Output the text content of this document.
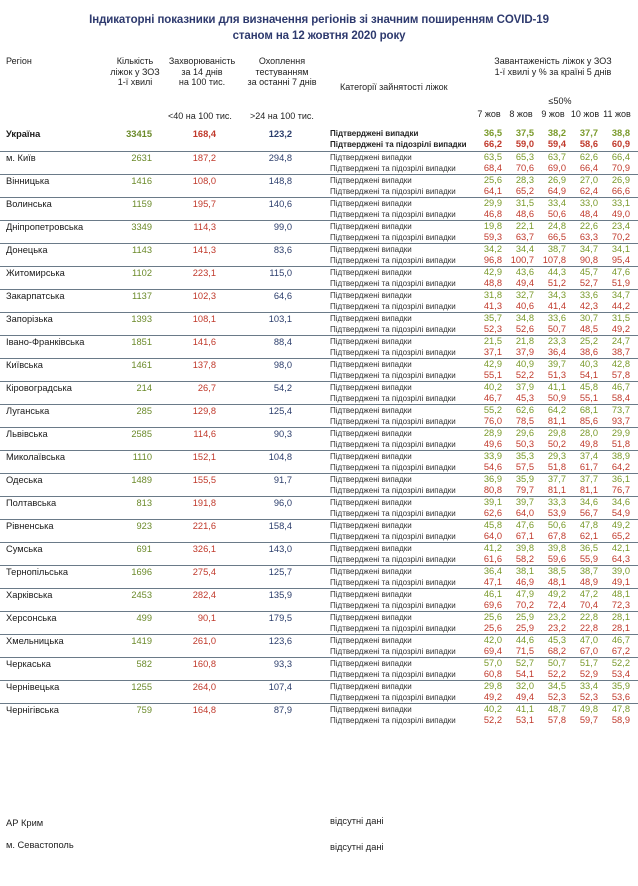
Індикаторні показники для визначення регіонів зі значним поширенням COVID-19
станом на 12 жовтня 2020 року
Регіон	Кількість
ліжок у ЗОЗ
1-ї хвилі
Захворюваність
за 14 днів
на 100 тис.
Охоплення
тестуванням
за останні 7 днів	Категорії зайнятості ліжок
Завантаженість ліжок у ЗОЗ
1-ї хвилі у % за країні 5 днів
≤50%
<40 на 100 тис. >24 на 100 тис.	7 жов 8 жов 9 жов 10 жов 11 жов
Україна	33415	168,4	123,2	Підтверджені випадки
Підтверджені та підозрілі випадки
36,5	37,5	38,2	37,7	38,8
66,2	59,0	59,4	58,6	60,9
м. Київ	2631	187,2	294,8	Підтверджені випадки
Підтверджені та підозрілі випадки
63,5	65,3	63,7	62,6	66,4
68,4	70,6	69,0	66,4	70,9
Вінницька	1416	108,0	148,8	Підтверджені випадки
Підтверджені та підозрілі випадки
25,6	28,3	26,9	27,0	26,9
64,1	65,2	64,9	62,4	66,6
Волинська	1159	195,7	140,6	Підтверджені випадки
Підтверджені та підозрілі випадки
29,9	31,5	33,4	33,0	33,1
46,8	48,6	50,6	48,4	49,0
Дніпропетровська	3349	114,3	99,0	Підтверджені випадки
Підтверджені та підозрілі випадки
19,8	22,1	24,8	22,6	23,4
59,3	63,7	66,5	63,3	70,2
Донецька	1143	141,3	83,6	Підтверджені випадки
Підтверджені та підозрілі випадки
34,2	34,4	38,7	34,7	34,1
96,8 100,7 107,8	90,8	95,4
Житомирська	1102	223,1	115,0	Підтверджені випадки
Підтверджені та підозрілі випадки
42,9	43,6	44,3	45,7	47,6
48,8	49,4	51,2	52,7	51,9
Закарпатська	1137	102,3	64,6	Підтверджені випадки
Підтверджені та підозрілі випадки
31,8	32,7	34,3	33,6	34,7
41,3	40,6	41,4	42,3	44,2
Запорізька	1393	108,1	103,1	Підтверджені випадки
Підтверджені та підозрілі випадки
35,7	34,8	33,6	30,7	31,5
52,3	52,6	50,7	48,5	49,2
Івано-Франківська	1851	141,6	88,4	Підтверджені випадки
Підтверджені та підозрілі випадки
21,5	21,8	23,3	25,2	24,7
37,1	37,9	36,4	38,6	38,7
Київська	1461	137,8	98,0	Підтверджені випадки
Підтверджені та підозрілі випадки
42,9	40,9	39,7	40,3	42,8
55,1	52,2	51,3	54,1	57,8
Кіровоградська	214	26,7	54,2	Підтверджені випадки
Підтверджені та підозрілі випадки
40,2	37,9	41,1	45,8	46,7
46,7	45,3	50,9	55,1	58,4
Луганська	285	129,8	125,4	Підтверджені випадки
Підтверджені та підозрілі випадки
55,2	62,6	64,2	68,1	73,7
76,0	78,5	81,1	85,6	93,7
Львівська	2585	114,6	90,3	Підтверджені випадки
Підтверджені та підозрілі випадки
28,9	29,6	29,8	28,0	29,9
49,6	50,3	50,2	49,8	51,8
Миколаївська	1110	152,1	104,8	Підтверджені випадки
Підтверджені та підозрілі випадки
33,9	35,3	29,3	37,4	38,9
54,6	57,5	51,8	61,7	64,2
Одеська	1489	155,5	91,7	Підтверджені випадки
Підтверджені та підозрілі випадки
36,9	35,9	37,7	37,7	36,1
80,8	79,7	81,1	81,1	76,7
Полтавська	813	191,8	96,0	Підтверджені випадки
Підтверджені та підозрілі випадки
39,1	39,7	33,3	34,6	34,6
62,6	64,0	53,9	56,7	54,9
Рівненська	923	221,6	158,4	Підтверджені випадки
Підтверджені та підозрілі випадки
45,8	47,6	50,6	47,8	49,2
64,0	67,1	67,8	62,1	65,2
Сумська	691	326,1	143,0	Підтверджені випадки
Підтверджені та підозрілі випадки
41,2	39,8	39,8	36,5	42,1
61,6	58,2	59,6	55,9	64,3
Тернопільська	1696	275,4	125,7	Підтверджені випадки
Підтверджені та підозрілі випадки
36,4	38,1	38,5	38,7	39,0
47,1	46,9	48,1	48,9	49,1
Харківська	2453	282,4	135,9	Підтверджені випадки
Підтверджені та підозрілі випадки
46,1	47,9	49,2	47,2	48,1
69,6	70,2	72,4	70,4	72,3
Херсонська	499	90,1	179,5	Підтверджені випадки
Підтверджені та підозрілі випадки
25,6	25,9	23,2	22,8	28,1
25,6	25,9	23,2	22,8	28,1
Хмельницька	1419	261,0	123,6	Підтверджені випадки
Підтверджені та підозрілі випадки
42,0	44,6	45,3	47,0	46,7
69,4	71,5	68,2	67,0	67,2
Черкаська	582	160,8	93,3	Підтверджені випадки
Підтверджені та підозрілі випадки
57,0	52,7	50,7	51,7	52,2
60,8	54,1	52,2	52,9	53,4
Чернівецька	1255	264,0	107,4	Підтверджені випадки
Підтверджені та підозрілі випадки
29,8	32,0	34,5	33,4	35,9
49,2	49,4	52,3	52,3	53,6
Чернігівська	759	164,8	87,9	Підтверджені випадки
Підтверджені та підозрілі випадки
40,2	41,1	48,7	49,8	47,8
52,2	53,1	57,8	59,7	58,9
АР Крим	відсутні дані
м. Севастополь	відсутні дані
